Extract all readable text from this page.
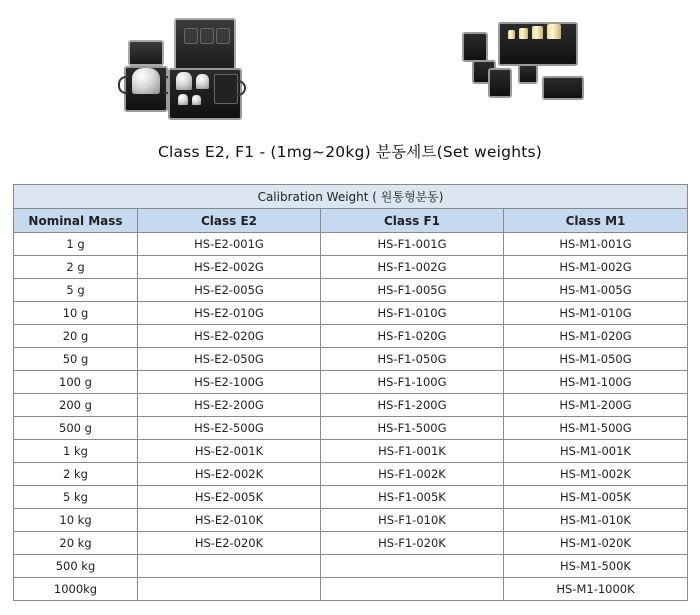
Class E2, F1 - (1mg~20kg) 분동세트(Set weights)
Calibration Weight ( 원통형분동)			
Nominal Mass	Class E2	Class F1	Class M1
1 g	HS-E2-001G	HS-F1-001G	HS-M1-001G
2 g	HS-E2-002G	HS-F1-002G	HS-M1-002G
5 g	HS-E2-005G	HS-F1-005G	HS-M1-005G
10 g	HS-E2-010G	HS-F1-010G	HS-M1-010G
20 g	HS-E2-020G	HS-F1-020G	HS-M1-020G
50 g	HS-E2-050G	HS-F1-050G	HS-M1-050G
100 g	HS-E2-100G	HS-F1-100G	HS-M1-100G
200 g	HS-E2-200G	HS-F1-200G	HS-M1-200G
500 g	HS-E2-500G	HS-F1-500G	HS-M1-500G
1 kg	HS-E2-001K	HS-F1-001K	HS-M1-001K
2 kg	HS-E2-002K	HS-F1-002K	HS-M1-002K
5 kg	HS-E2-005K	HS-F1-005K	HS-M1-005K
10 kg	HS-E2-010K	HS-F1-010K	HS-M1-010K
20 kg	HS-E2-020K	HS-F1-020K	HS-M1-020K
500 kg			HS-M1-500K
1000kg			HS-M1-1000K
